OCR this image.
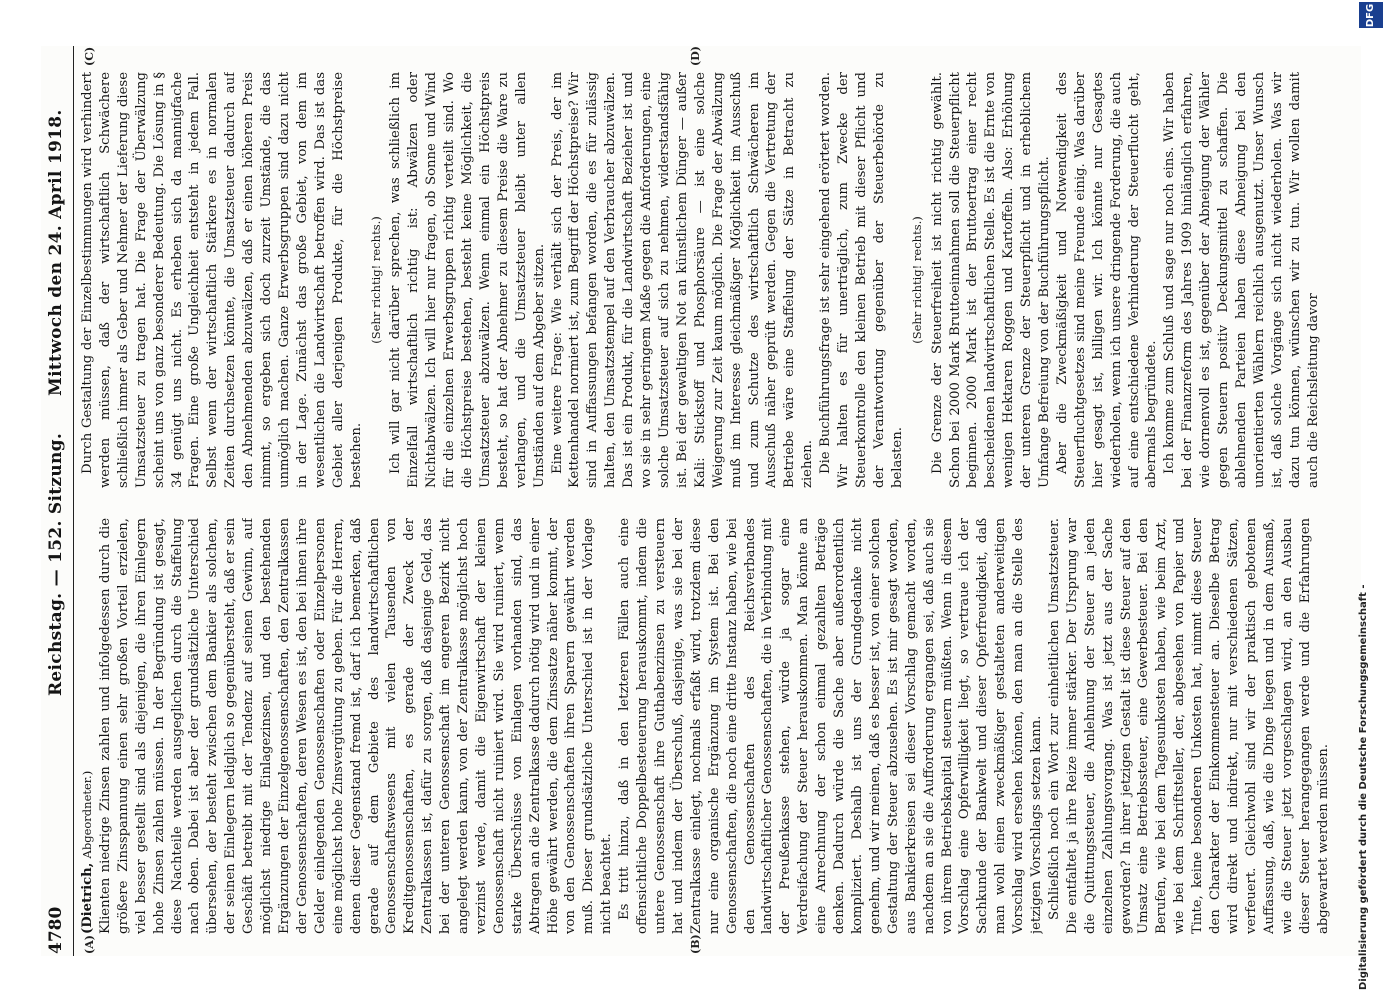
4780
Reichstag. — 152. Sitzung.
Mittwoch den 24. April 1918.
(A)	(B)
(C)	(D)

(Dietrich, Abgeordneter.) Klienten niedrige Zinsen zahlen und infolgedessen durch die größere Zinsspannung einen sehr großen Vorteil erzielen, viel besser gestellt sind als diejenigen, die ihren Einlegern hohe Zinsen zahlen müssen. In der Begründung ist gesagt, diese Nachteile werden ausgeglichen durch die Staffelung nach oben. Dabei ist aber der grundsätzliche Unterschied übersehen, der besteht zwischen dem Bankier als solchem, der seinen Einlegern lediglich so gegenübersteht, daß er sein Geschäft betreibt mit der Tendenz auf seinen Gewinn, auf möglichst niedrige Einlagezinsen, und den bestehenden Ergänzungen der Einzelgenossenschaften, den Zentralkassen der Genossenschaften, deren Wesen es ist, den bei ihnen ihre Gelder einlegenden Genossenschaften oder Einzelpersonen eine möglichst hohe Zinsvergütung zu geben. Für die Herren, denen dieser Gegenstand fremd ist, darf ich bemerken, daß gerade auf dem Gebiete des landwirtschaftlichen Genossenschaftswesens mit vielen Tausenden von Kreditgenossenschaften, es gerade der Zweck der Zentralkassen ist, dafür zu sorgen, daß dasjenige Geld, das bei der unteren Genossenschaft im engeren Bezirk nicht angelegt werden kann, von der Zentralkasse möglichst hoch verzinst werde, damit die Eigenwirtschaft der kleinen Genossenschaft nicht ruiniert wird. Sie wird ruiniert, wenn starke Überschüsse von Einlagen vorhanden sind, das Abtragen an die Zentralkasse dadurch nötig wird und in einer Höhe gewährt werden, die dem Zinssatze näher kommt, der von den Genossenschaften ihren Sparern gewährt werden muß. Dieser grundsätzliche Unterschied ist in der Vorlage nicht beachtet. Es tritt hinzu, daß in den letzteren Fällen auch eine offensichtliche Doppelbesteuerung herauskommt, indem die untere Genossenschaft ihre Guthabenzinsen zu versteuern hat und indem der Überschuß, dasjenige, was sie bei der Zentralkasse einlegt, nochmals erfaßt wird, trotzdem diese nur eine organische Ergänzung im System ist. Bei den Genossenschaften, die noch eine dritte Instanz haben, wie bei den Genossenschaften des Reichsverbandes landwirtschaftlicher Genossenschaften, die in Verbindung mit der Preußenkasse stehen, würde ja sogar eine Verdreifachung der Steuer herauskommen. Man könnte an eine Anrechnung der schon einmal gezahlten Beträge denken. Dadurch würde die Sache aber außerordentlich kompliziert. Deshalb ist uns der Grundgedanke nicht genehm, und wir meinen, daß es besser ist, von einer solchen Gestaltung der Steuer abzusehen. Es ist mir gesagt worden, aus Bankierkreisen sei dieser Vorschlag gemacht worden, nachdem an sie die Aufforderung ergangen sei, daß auch sie von ihrem Betriebskapital steuern müßten. Wenn in diesem Vorschlag eine Opferwilligkeit liegt, so vertraue ich der Sachkunde der Bankwelt und dieser Opferfreudigkeit, daß man wohl einen zweckmäßiger gestalteten anderweitigen Vorschlag wird ersehen können, den man an die Stelle des jetzigen Vorschlags setzen kann. Schließlich noch ein Wort zur einheitlichen Umsatzsteuer. Die entfaltet ja ihre Reize immer stärker. Der Ursprung war die Quittungssteuer, die Anlehnung der Steuer an jeden einzelnen Zahlungsvorgang. Was ist jetzt aus der Sache geworden? In ihrer jetzigen Gestalt ist diese Steuer auf den Umsatz eine Betriebssteuer, eine Gewerbesteuer. Bei den Berufen, wie bei dem Tagesunkosten haben, wie beim Arzt, wie bei dem Schriftsteller, der, abgesehen von Papier und Tinte, keine besonderen Unkosten hat, nimmt diese Steuer den Charakter der Einkommensteuer an. Dieselbe Betrag wird direkt und indirekt, nur mit verschiedenen Sätzen, verfeuert. Gleichwohl sind wir der praktisch gebotenen Auffassung, daß, wie die Dinge liegen und in dem Ausmaß, wie die Steuer jetzt vorgeschlagen wird, an den Ausbau dieser Steuer herangegangen werde und die Erfahrungen abgewartet werden müssen.

Durch Gestaltung der Einzelbestimmungen wird verhindert werden müssen, daß der wirtschaftlich Schwächere schließlich immer als Geber und Nehmer der Lieferung diese Umsatzsteuer zu tragen hat. Die Frage der Überwälzung scheint uns von ganz besonderer Bedeutung. Die Lösung in § 34 genügt uns nicht. Es erheben sich da mannigfache Fragen. Eine große Ungleichheit entsteht in jedem Fall. Selbst wenn der wirtschaftlich Stärkere es in normalen Zeiten durchsetzen könnte, die Umsatzsteuer dadurch auf den Abnehmenden abzuwälzen, daß er einen höheren Preis nimmt, so ergeben sich doch zurzeit Umstände, die das unmöglich machen. Ganze Erwerbsgruppen sind dazu nicht in der Lage. Zunächst das große Gebiet, von dem im wesentlichen die Landwirtschaft betroffen wird. Das ist das Gebiet aller derjenigen Produkte, für die Höchstpreise bestehen.

(Sehr richtig! rechts.) Ich will gar nicht darüber sprechen, was schließlich im Einzelfall wirtschaftlich richtig ist: Abwälzen oder Nichtabwälzen. Ich will hier nur fragen, ob Sonne und Wind für die einzelnen Erwerbsgruppen richtig verteilt sind. Wo die Höchstpreise bestehen, besteht keine Möglichkeit, die Umsatzsteuer abzuwälzen. Wenn einmal ein Höchstpreis besteht, so hat der Abnehmer zu diesem Preise die Ware zu verlangen, und die Umsatzsteuer bleibt unter allen Umständen auf dem Abgeber sitzen. Eine weitere Frage: Wie verhält sich der Preis, der im Kettenhandel normiert ist, zum Begriff der Höchstpreise? Wir sind in Auffassungen befangen worden, die es für zulässig halten, den Umsatzstempel auf den Verbraucher abzuwälzen. Das ist ein Produkt, für die Landwirtschaft Bezieher ist und wo sie in sehr geringem Maße gegen die Anforderungen, eine solche Umsatzsteuer auf sich zu nehmen, widerstandsfähig ist. Bei der gewaltigen Not an künstlichem Dünger — außer Kali: Stickstoff und Phosphorsäure — ist eine solche Weigerung zur Zeit kaum möglich. Die Frage der Abwälzung muß im Interesse gleichmäßiger Möglichkeit im Ausschuß und zum Schutze des wirtschaftlich Schwächeren im Ausschuß näher geprüft werden. Gegen die Vertretung der Betriebe wäre eine Staffelung der Sätze in Betracht zu ziehen. Die Buchführungsfrage ist sehr eingehend erörtert worden. Wir halten es für unerträglich, zum Zwecke der Steuerkontrolle den kleinen Betrieb mit dieser Pflicht und der Verantwortung gegenüber der Steuerbehörde zu belasten.

(Sehr richtig! rechts.) Die Grenze der Steuerfreiheit ist nicht richtig gewählt. Schon bei 2000 Mark Bruttoeinnahmen soll die Steuerpflicht beginnen. 2000 Mark ist der Bruttoertrag einer recht bescheidenen landwirtschaftlichen Stelle. Es ist die Ernte von wenigen Hektaren Roggen und Kartoffeln. Also: Erhöhung der unteren Grenze der Steuerpflicht und in erheblichem Umfange Befreiung von der Buchführungspflicht. Aber die Zweckmäßigkeit und Notwendigkeit des Steuerfluchtgesetzes sind meine Freunde einig. Was darüber hier gesagt ist, billigen wir. Ich könnte nur Gesagtes wiederholen, wenn ich unsere dringende Forderung, die auch auf eine entschiedene Verhinderung der Steuerflucht geht, abermals begründete. Ich komme zum Schluß und sage nur noch eins. Wir haben bei der Finanzreform des Jahres 1909 hinlänglich erfahren, wie dornenvoll es ist, gegenüber der Abneigung der Wähler gegen Steuern positiv Deckungsmittel zu schaffen. Die ablehnenden Parteien haben diese Abneigung bei den unorientierten Wählern reichlich ausgenutzt. Unser Wunsch ist, daß solche Vorgänge sich nicht wiederholen. Was wir dazu tun können, wünschen wir zu tun. Wir wollen damit auch die Reichsleitung davor

Digitalisierung gefördert durch die Deutsche Forschungsgemeinschaft -
DFG
